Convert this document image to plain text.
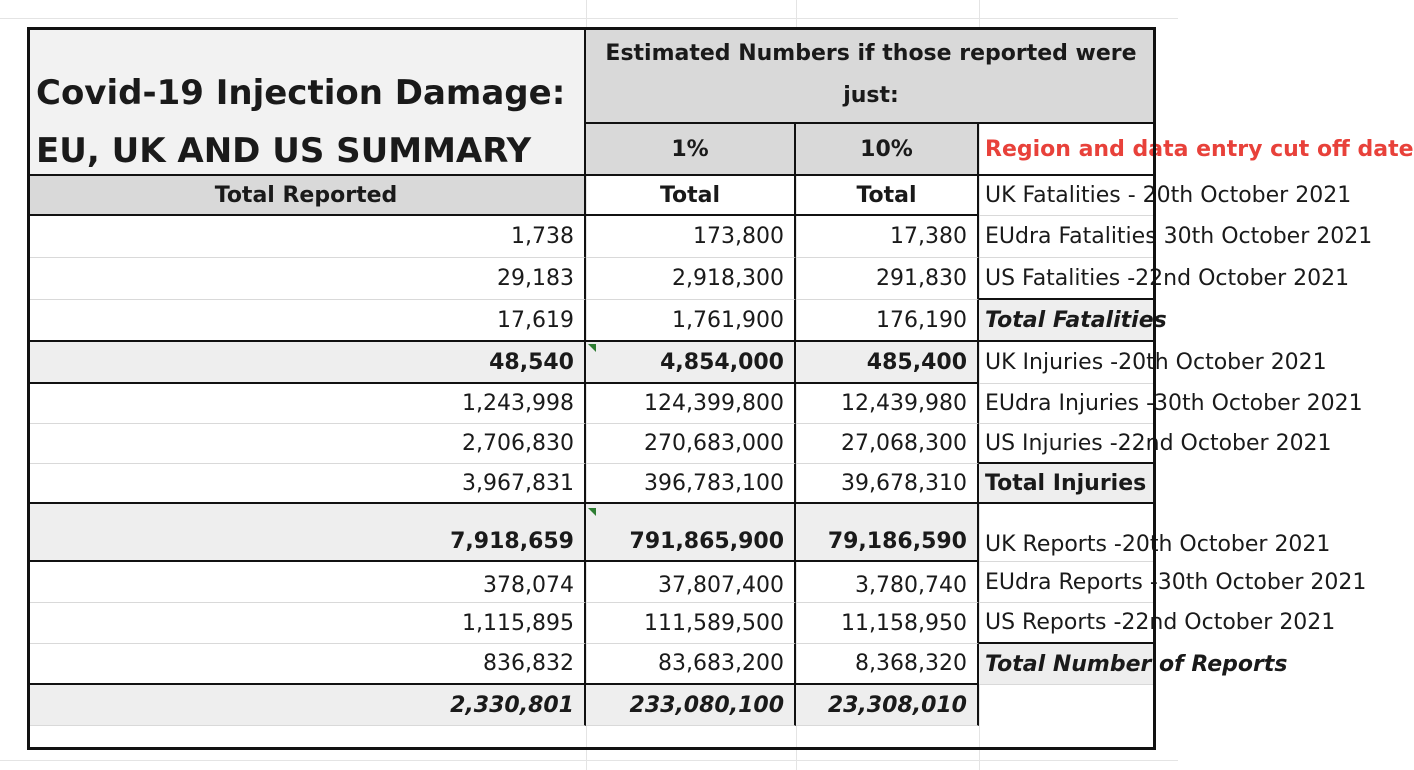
Covid-19 Injection Damage: EU, UK AND US SUMMARY
Estimated Numbers if those reported were just:
1%	10%	Region and data entry cut off date
Total Reported	Total	Total	UK Fatalities - 20th October 2021
1,738	173,800	17,380 EUdra Fatalities 30th October 2021
29,183	2,918,300	291,830 US Fatalities -22nd October 2021
17,619	1,761,900	176,190 Total Fatalities
48,540	4,854,000	485,400 UK Injuries -20th October 2021
1,243,998	124,399,800	12,439,980 EUdra Injuries -30th October 2021
2,706,830	270,683,000	27,068,300 US Injuries -22nd October 2021
3,967,831	396,783,100	39,678,310 Total Injuries
7,918,659	791,865,900	79,186,590 UK Reports -20th October 2021
378,074	37,807,400	3,780,740 EUdra Reports -30th October 2021
1,115,895	111,589,500	11,158,950 US Reports -22nd October 2021
836,832	83,683,200	8,368,320 Total Number of Reports
2,330,801	233,080,100	23,308,010
